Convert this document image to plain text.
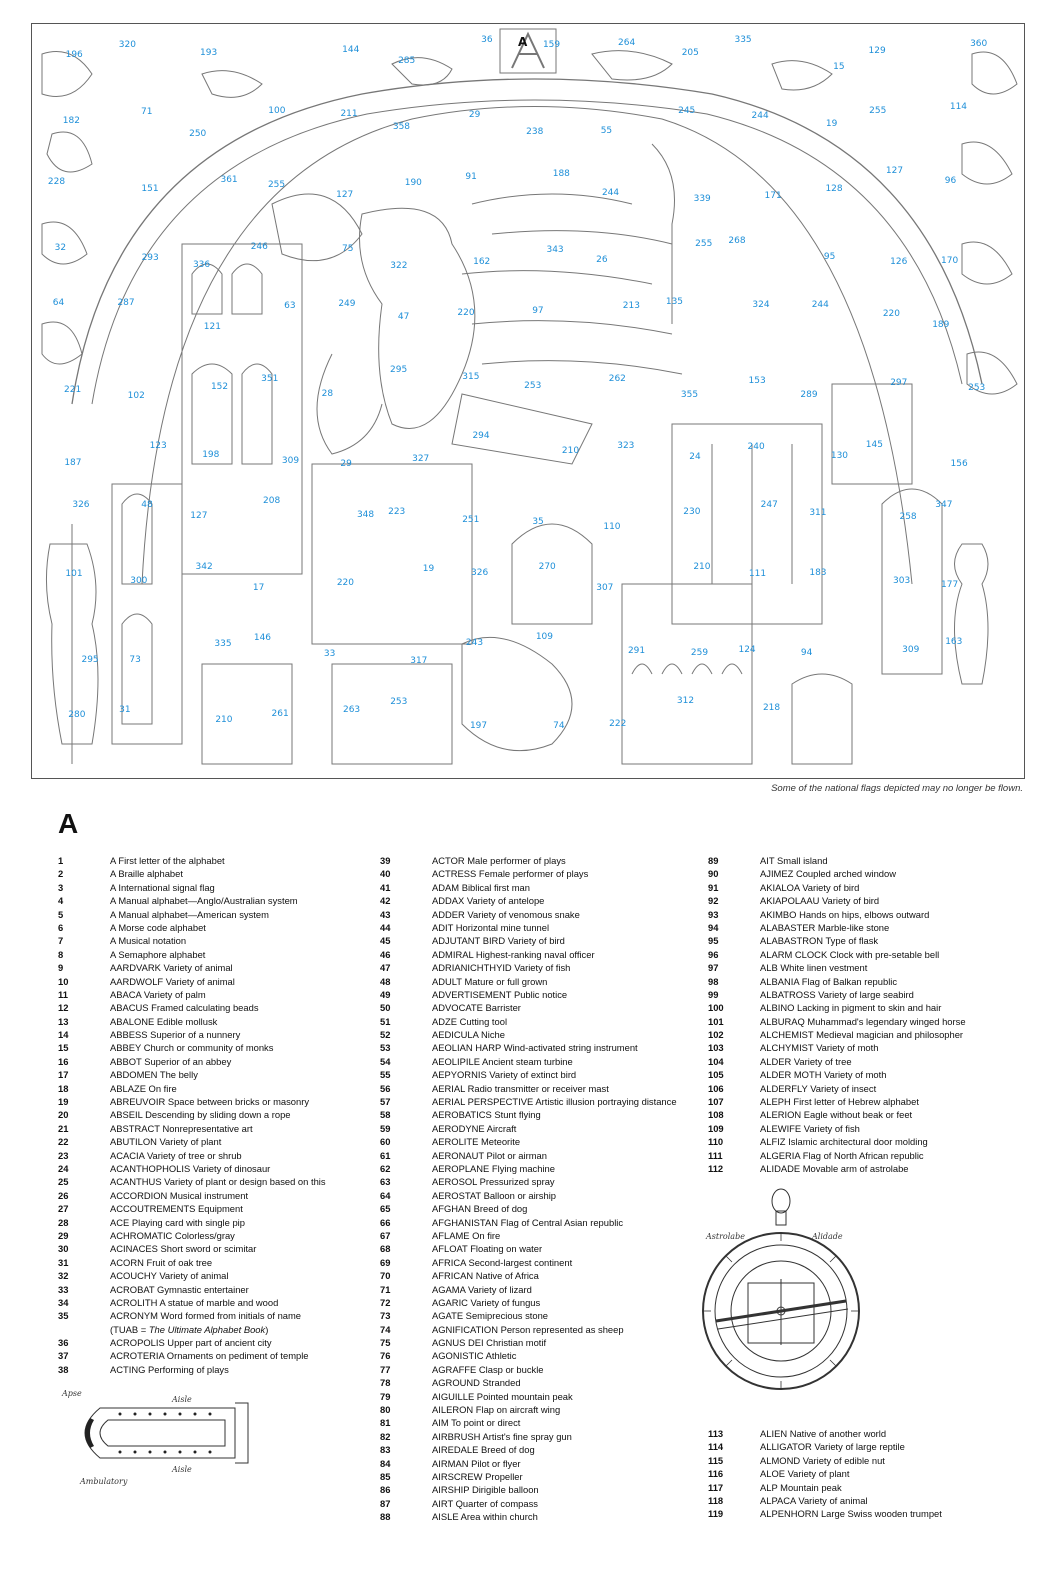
196
320
193
A
144
285
36	159	264
205
335
15
129
360
182
71
250
100	211
358
29
238	55
245	244
19
255	114
228
151
361
255
127
190
91	188
244
339	171
128
127
96
32
293
336
246	75
322	162
343
26
255 268
95
126	170
64	287
121
63	249
47	220	97	213	135	324	244
220
189
221
102
152
351
28
295
315
253
262
355
153
289
297
253
187
123
198
309	29	327
294
210	323
24
240
130
145
156
326	48
127
208
348 223
251	35
110
230
247
311	258
347
101
300
342
17
220
19	326
270
307
210
111	183
303	177
295	73
335
146
33
317
243
109
291	259	124	94	309
163
280
31
210
261	263
253
197	74	222
312
218
Some of the national flags depicted may no longer be flown.
A
1	A First letter of the alphabet
2	A Braille alphabet
3	A International signal flag
4	A Manual alphabet—Anglo/Australian system
5	A Manual alphabet—American system
6	A Morse code alphabet
7	A Musical notation
8	A Semaphore alphabet
9	AARDVARK Variety of animal
10	AARDWOLF Variety of animal
11	ABACA Variety of palm
12	ABACUS Framed calculating beads
13	ABALONE Edible mollusk
14	ABBESS Superior of a nunnery
15	ABBEY Church or community of monks
16	ABBOT Superior of an abbey
17	ABDOMEN The belly
18	ABLAZE On fire
19	ABREUVOIR Space between bricks or masonry
20	ABSEIL Descending by sliding down a rope
21	ABSTRACT Nonrepresentative art
22	ABUTILON Variety of plant
23	ACACIA Variety of tree or shrub
24	ACANTHOPHOLIS Variety of dinosaur
25	ACANTHUS Variety of plant or design based on this
26	ACCORDION Musical instrument
27	ACCOUTREMENTS Equipment
28	ACE Playing card with single pip
29	ACHROMATIC Colorless/gray
30	ACINACES Short sword or scimitar
31	ACORN Fruit of oak tree
32	ACOUCHY Variety of animal
33	ACROBAT Gymnastic entertainer
34	ACROLITH A statue of marble and wood
35	ACRONYM Word formed from initials of name
(TUAB = The Ultimate Alphabet Book)
36	ACROPOLIS Upper part of ancient city
37	ACROTERIA Ornaments on pediment of temple
38	ACTING Performing of plays
39	ACTOR Male performer of plays
40	ACTRESS Female performer of plays
41	ADAM Biblical first man
42	ADDAX Variety of antelope
43	ADDER Variety of venomous snake
44	ADIT Horizontal mine tunnel
45	ADJUTANT BIRD Variety of bird
46	ADMIRAL Highest-ranking naval officer
47	ADRIANICHTHYID Variety of fish
48	ADULT Mature or full grown
49	ADVERTISEMENT Public notice
50	ADVOCATE Barrister
51	ADZE Cutting tool
52	AEDICULA Niche
53	AEOLIAN HARP Wind-activated string instrument
54	AEOLIPILE Ancient steam turbine
55	AEPYORNIS Variety of extinct bird
56	AERIAL Radio transmitter or receiver mast
57	AERIAL PERSPECTIVE Artistic illusion portraying distance
58	AEROBATICS Stunt flying
59	AERODYNE Aircraft
60	AEROLITE Meteorite
61	AERONAUT Pilot or airman
62	AEROPLANE Flying machine
63	AEROSOL Pressurized spray
64	AEROSTAT Balloon or airship
65	AFGHAN Breed of dog
66	AFGHANISTAN Flag of Central Asian republic
67	AFLAME On fire
68	AFLOAT Floating on water
69	AFRICA Second-largest continent
70	AFRICAN Native of Africa
71	AGAMA Variety of lizard
72	AGARIC Variety of fungus
73	AGATE Semiprecious stone
74	AGNIFICATION Person represented as sheep
75	AGNUS DEI Christian motif
76	AGONISTIC Athletic
77	AGRAFFE Clasp or buckle
78	AGROUND Stranded
79	AIGUILLE Pointed mountain peak
80	AILERON Flap on aircraft wing
81	AIM To point or direct
82	AIRBRUSH Artist's fine spray gun
83	AIREDALE Breed of dog
84	AIRMAN Pilot or flyer
85	AIRSCREW Propeller
86	AIRSHIP Dirigible balloon
87	AIRT Quarter of compass
88	AISLE Area within church
89	AIT Small island
90	AJIMEZ Coupled arched window
91	AKIALOA Variety of bird
92	AKIAPOLAAU Variety of bird
93	AKIMBO Hands on hips, elbows outward
94	ALABASTER Marble-like stone
95	ALABASTRON Type of flask
96	ALARM CLOCK Clock with pre-setable bell
97	ALB White linen vestment
98	ALBANIA Flag of Balkan republic
99	ALBATROSS Variety of large seabird
100	ALBINO Lacking in pigment to skin and hair
101	ALBURAQ Muhammad's legendary winged horse
102	ALCHEMIST Medieval magician and philosopher
103	ALCHYMIST Variety of moth
104	ALDER Variety of tree
105	ALDER MOTH Variety of moth
106	ALDERFLY Variety of insect
107	ALEPH First letter of Hebrew alphabet
108	ALERION Eagle without beak or feet
109	ALEWIFE Variety of fish
110	ALFIZ Islamic architectural door molding
111	ALGERIA Flag of North African republic
112	ALIDADE Movable arm of astrolabe
113	ALIEN Native of another world
114	ALLIGATOR Variety of large reptile
115	ALMOND Variety of edible nut
116	ALOE Variety of plant
117	ALP Mountain peak
118	ALPACA Variety of animal
119	ALPENHORN Large Swiss wooden trumpet
Apse
Aisle
Aisle
Ambulatory
Astrolabe	Alidade
